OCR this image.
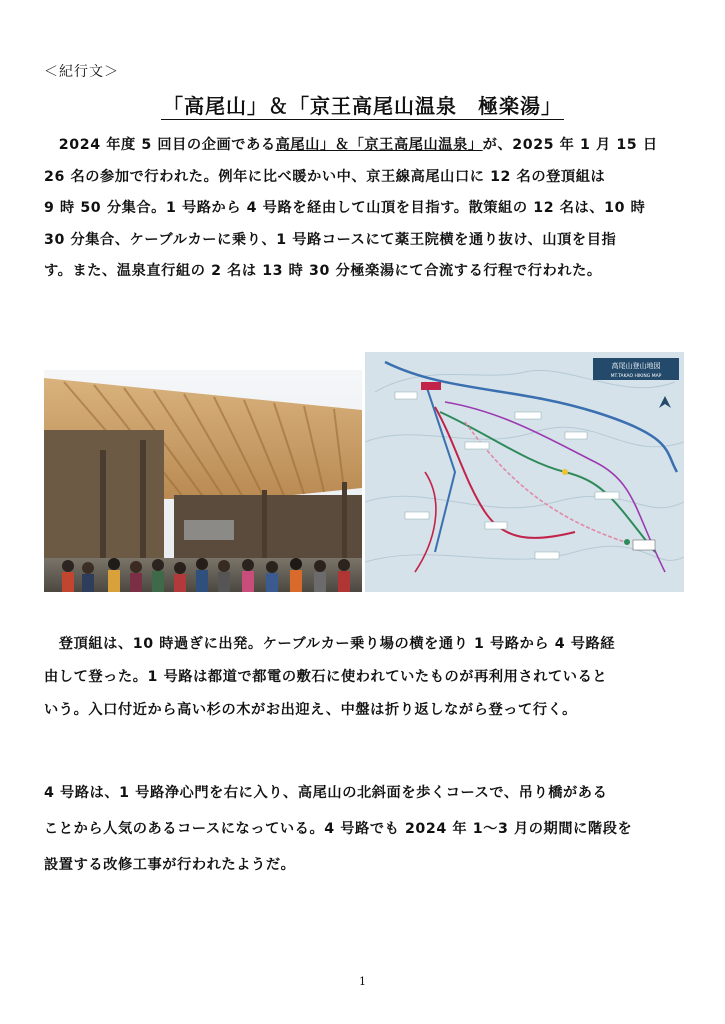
＜紀行文＞
「高尾山」＆「京王高尾山温泉　極楽湯」
　2024 年度 5 回目の企画である高尾山」＆「京王高尾山温泉」が、2025 年 1 月 15 日
26 名の参加で行われた。例年に比べ暖かい中、京王線高尾山口に 12 名の登頂組は
9 時 50 分集合。1 号路から 4 号路を経由して山頂を目指す。散策組の 12 名は、10 時
30 分集合、ケーブルカーに乗り、1 号路コースにて薬王院横を通り抜け、山頂を目指
す。また、温泉直行組の 2 名は 13 時 30 分極楽湯にて合流する行程で行われた。
高尾山登山地図
MT.TAKAO HIKING MAP
　登頂組は、10 時過ぎに出発。ケーブルカー乗り場の横を通り 1 号路から 4 号路経
由して登った。1 号路は都道で都電の敷石に使われていたものが再利用されていると
いう。入口付近から高い杉の木がお出迎え、中盤は折り返しながら登って行く。
4 号路は、1 号路浄心門を右に入り、高尾山の北斜面を歩くコースで、吊り橋がある
ことから人気のあるコースになっている。4 号路でも 2024 年 1～3 月の期間に階段を
設置する改修工事が行われたようだ。
1
